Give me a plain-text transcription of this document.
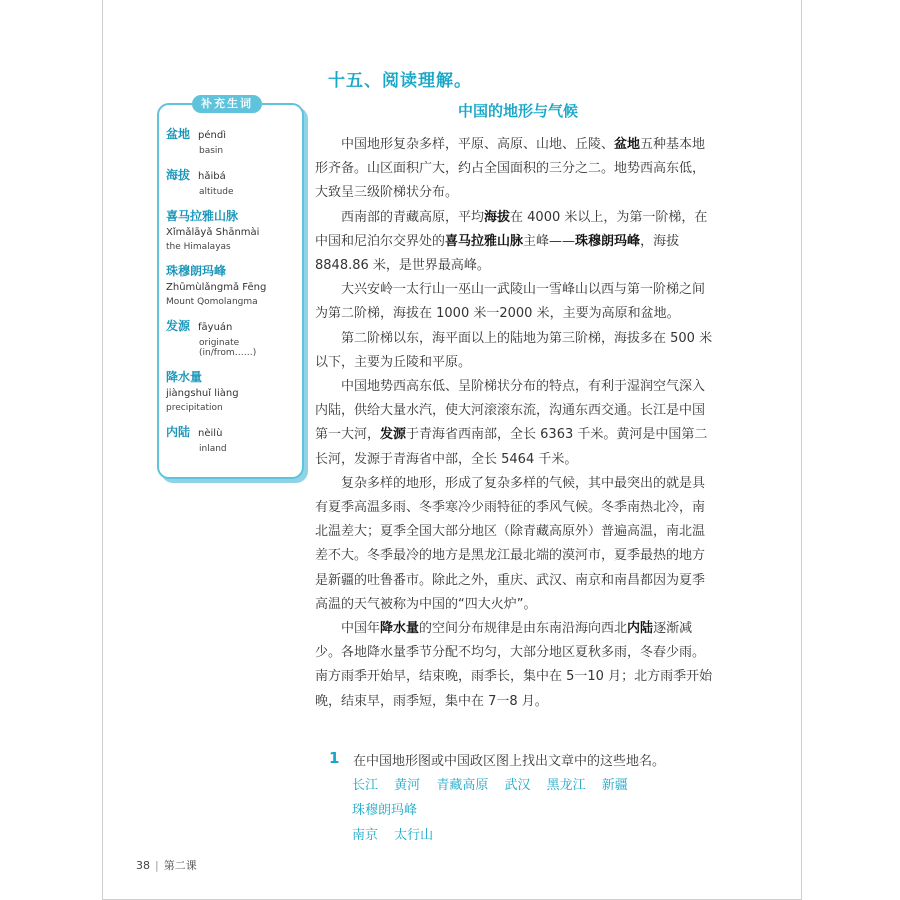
十五、阅读理解。
中国的地形与气候
补充生词
盆地 péndì
basin
海拔 hǎibá
altitude
喜马拉雅山脉
Xǐmǎlāyǎ Shānmài
the Himalayas
珠穆朗玛峰
Zhūmùlǎngmǎ Fēng
Mount Qomolangma
发源 fāyuán
originate (in/from……)
降水量
jiàngshuǐ liàng
precipitation
内陆 nèilù
inland

中国地形复杂多样，平原、高原、山地、丘陵、盆地五种基本地形齐备。山区面积广大，约占全国面积的三分之二。地势西高东低，大致呈三级阶梯状分布。

西南部的青藏高原，平均海拔在 4000 米以上，为第一阶梯，在中国和尼泊尔交界处的喜马拉雅山脉主峰——珠穆朗玛峰，海拔 8848.86 米，是世界最高峰。

大兴安岭一太行山一巫山一武陵山一雪峰山以西与第一阶梯之间为第二阶梯，海拔在 1000 米一2000 米，主要为高原和盆地。

第二阶梯以东，海平面以上的陆地为第三阶梯，海拔多在 500 米以下，主要为丘陵和平原。

中国地势西高东低、呈阶梯状分布的特点，有利于湿润空气深入内陆，供给大量水汽，使大河滚滚东流，沟通东西交通。长江是中国第一大河，发源于青海省西南部，全长 6363 千米。黄河是中国第二长河，发源于青海省中部，全长 5464 千米。

复杂多样的地形，形成了复杂多样的气候，其中最突出的就是具有夏季高温多雨、冬季寒冷少雨特征的季风气候。冬季南热北冷，南北温差大；夏季全国大部分地区（除青藏高原外）普遍高温，南北温差不大。冬季最冷的地方是黑龙江最北端的漠河市，夏季最热的地方是新疆的吐鲁番市。除此之外，重庆、武汉、南京和南昌都因为夏季高温的天气被称为中国的“四大火炉”。

中国年降水量的空间分布规律是由东南沿海向西北内陆逐渐减少。各地降水量季节分配不均匀，大部分地区夏秋多雨，冬春少雨。南方雨季开始早，结束晚，雨季长，集中在 5一10 月；北方雨季开始晚，结束早，雨季短，集中在 7一8 月。

1 在中国地形图或中国政区图上找出文章中的这些地名。
长江 黄河 青藏高原 武汉 黑龙江 新疆 珠穆朗玛峰
南京 太行山
38 | 第二课
